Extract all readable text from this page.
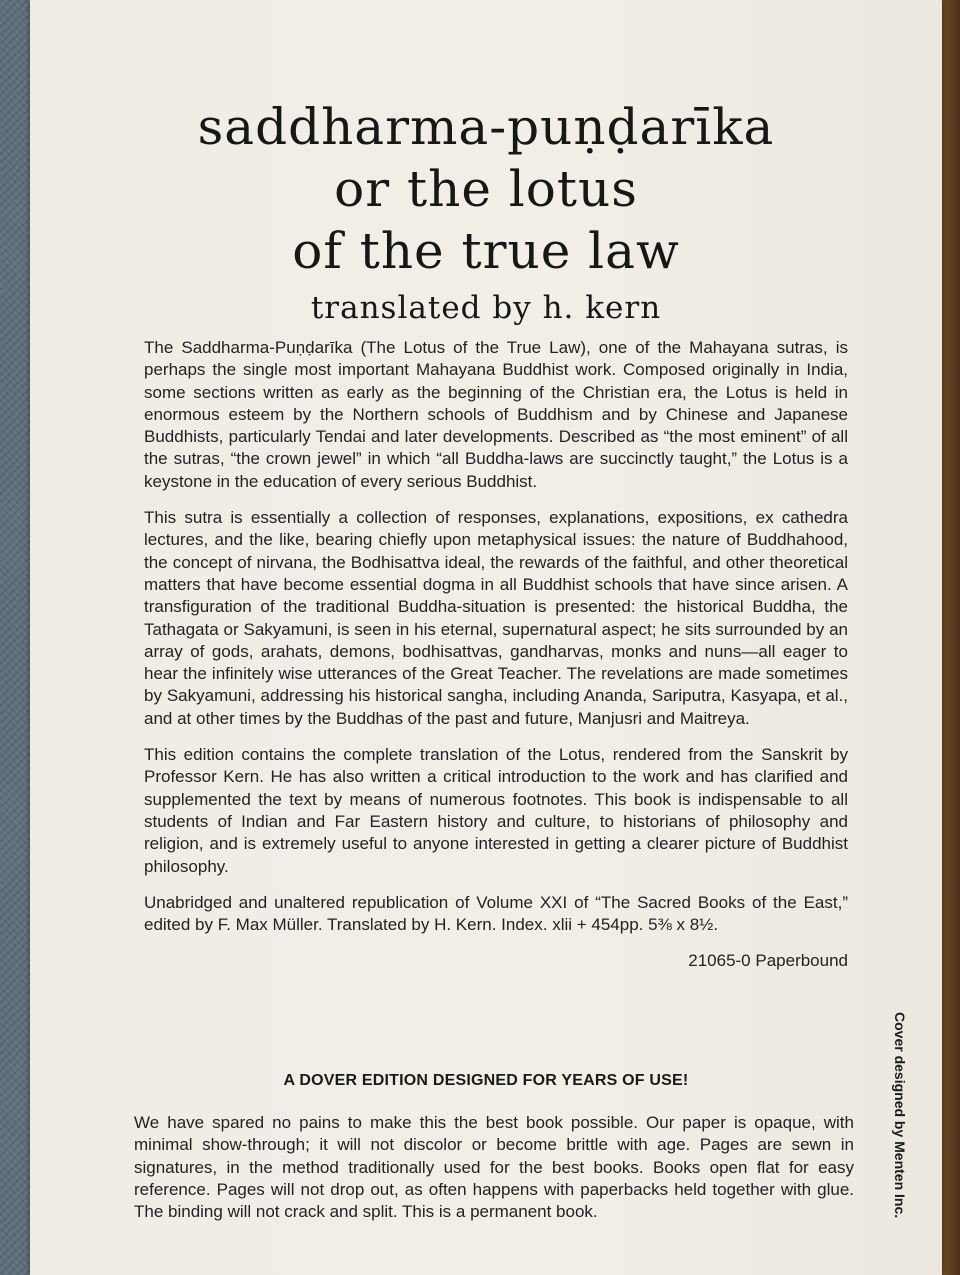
saddharma-puṇḍarīka
or the lotus
of the true law
translated by h. kern

The Saddharma-Puṇḍarīka (The Lotus of the True Law), one of the Mahayana sutras, is perhaps the single most important Mahayana Buddhist work. Composed originally in India, some sections written as early as the beginning of the Christian era, the Lotus is held in enormous esteem by the Northern schools of Buddhism and by Chinese and Japanese Buddhists, particularly Tendai and later developments. Described as “the most eminent” of all the sutras, “the crown jewel” in which “all Buddha-laws are succinctly taught,” the Lotus is a keystone in the education of every serious Buddhist.

This sutra is essentially a collection of responses, explanations, expositions, ex cathedra lectures, and the like, bearing chiefly upon metaphysical issues: the nature of Buddhahood, the concept of nirvana, the Bodhisattva ideal, the rewards of the faithful, and other theoretical matters that have become essential dogma in all Buddhist schools that have since arisen. A transfiguration of the traditional Buddha-situation is presented: the historical Buddha, the Tathagata or Sakyamuni, is seen in his eternal, supernatural aspect; he sits surrounded by an array of gods, arahats, demons, bodhisattvas, gandharvas, monks and nuns—all eager to hear the infinitely wise utterances of the Great Teacher. The revelations are made sometimes by Sakyamuni, addressing his historical sangha, including Ananda, Sariputra, Kasyapa, et al., and at other times by the Buddhas of the past and future, Manjusri and Maitreya.

This edition contains the complete translation of the Lotus, rendered from the Sanskrit by Professor Kern. He has also written a critical introduction to the work and has clarified and supplemented the text by means of numerous footnotes. This book is indispensable to all students of Indian and Far Eastern history and culture, to historians of philosophy and religion, and is extremely useful to anyone interested in getting a clearer picture of Buddhist philosophy.

Unabridged and unaltered republication of Volume XXI of “The Sacred Books of the East,” edited by F. Max Müller. Translated by H. Kern. Index. xlii + 454pp. 5⅜ x 8½.

21065-0 Paperbound

A DOVER EDITION DESIGNED FOR YEARS OF USE!
We have spared no pains to make this the best book possible. Our paper is opaque, with minimal show-through; it will not discolor or become brittle with age. Pages are sewn in signatures, in the method traditionally used for the best books. Books open flat for easy reference. Pages will not drop out, as often happens with paperbacks held together with glue. The binding will not crack and split. This is a permanent book.	Cover designed by Menten Inc.
